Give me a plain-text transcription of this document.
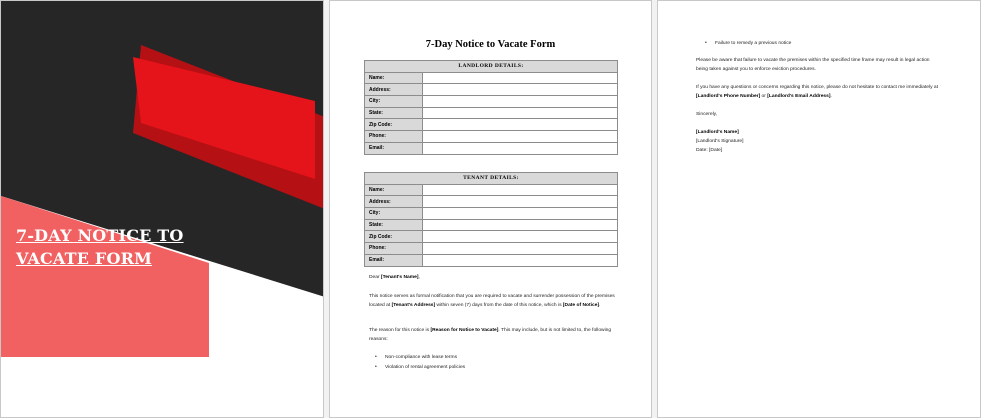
7-DAY NOTICE TO
VACATE FORM
7-Day Notice to Vacate Form
LANDLORD DETAILS:	
Name:	
Address:	
City:	
State:	
Zip Code:	
Phone:	
Email:	
TENANT DETAILS:	
Name:	
Address:	
City:	
State:	
Zip Code:	
Phone:	
Email:	
Dear [Tenant's Name],
This notice serves as formal notification that you are required to vacate and surrender possession of the premises located at [Tenant's Address] within seven (7) days from the date of this notice, which is [Date of Notice].
The reason for this notice is [Reason for Notice to Vacate]. This may include, but is not limited to, the following reasons:
• Non-compliance with lease terms
• Violation of rental agreement policies
• Failure to remedy a previous notice
Please be aware that failure to vacate the premises within the specified time frame may result in legal action being taken against you to enforce eviction procedures.
If you have any questions or concerns regarding this notice, please do not hesitate to contact me immediately at [Landlord's Phone Number] or [Landlord's Email Address].
Sincerely,
[Landlord's Name]
[Landlord's Signature]
Date: [Date]
